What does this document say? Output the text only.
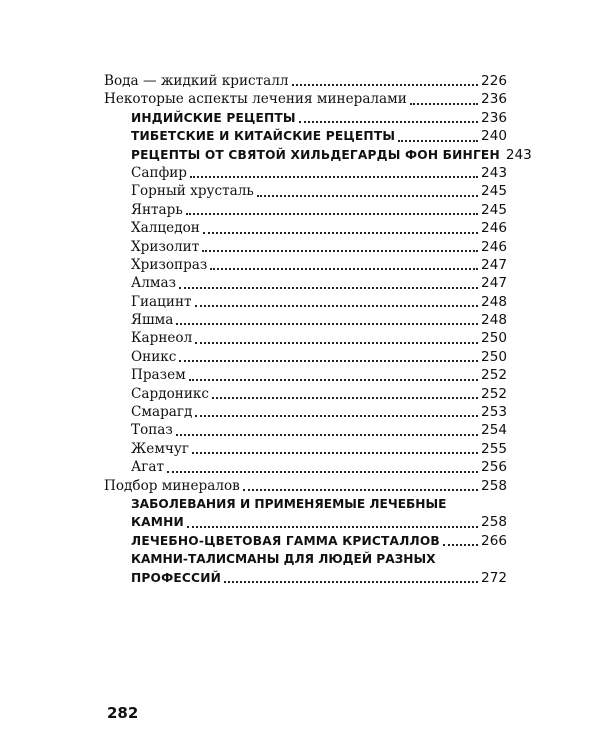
Вода — жидкий кристалл	226
Некоторые аспекты лечения минералами	236
ИНДИЙСКИЕ РЕЦЕПТЫ	236
ТИБЕТСКИЕ И КИТАЙСКИЕ РЕЦЕПТЫ	240
РЕЦЕПТЫ ОТ СВЯТОЙ ХИЛЬДЕГАРДЫ ФОН БИНГЕН 243
Сапфир	243
Горный хрусталь	245
Янтарь	245
Халцедон	246
Хризолит	246
Хризопраз	247
Алмаз	247
Гиацинт	248
Яшма	248
Карнеол	250
Оникс	250
Празем	252
Сардоникс	252
Смарагд	253
Топаз	254
Жемчуг	255
Агат	256
Подбор минералов	258
ЗАБОЛЕВАНИЯ И ПРИМЕНЯЕМЫЕ ЛЕЧЕБНЫЕ
КАМНИ	258
ЛЕЧЕБНО-ЦВЕТОВАЯ ГАММА КРИСТАЛЛОВ	266
КАМНИ-ТАЛИСМАНЫ ДЛЯ ЛЮДЕЙ РАЗНЫХ
ПРОФЕССИЙ	272
282
